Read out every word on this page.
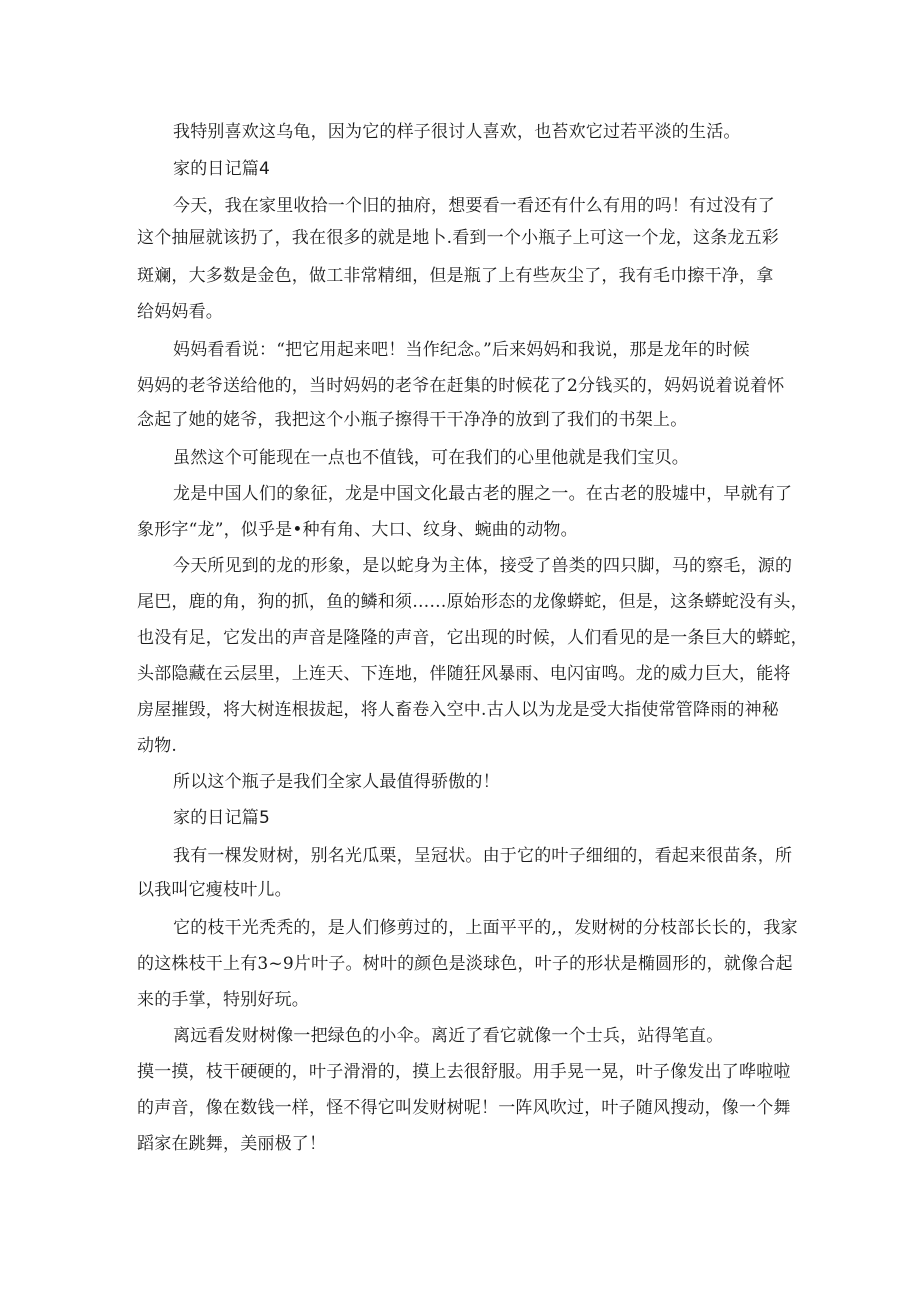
我特别喜欢这乌龟，因为它的样子很讨人喜欢，也苔欢它过若平淡的生活。
家的日记篇4
今天，我在家里收拾一个旧的抽府，想要看一看还有什么有用的吗！有过没有了
这个抽屉就该扔了，我在很多的就是地卜.看到一个小瓶子上可这一个龙，这条龙五彩
斑斓，大多数是金色，做工非常精细，但是瓶了上有些灰尘了，我有毛巾擦干净，拿
给妈妈看。
妈妈看看说：“把它用起来吧！当作纪念。”后来妈妈和我说，那是龙年的时候
妈妈的老爷送给他的，当时妈妈的老爷在赶集的时候花了2分钱买的，妈妈说着说着怀
念起了她的姥爷，我把这个小瓶子擦得干干净净的放到了我们的书架上。
虽然这个可能现在一点也不值钱，可在我们的心里他就是我们宝贝。
龙是中国人们的象征，龙是中国文化最古老的腥之一。在古老的股墟中，早就有了
象形字“龙”，似乎是•种有角、大口、纹身、蜿曲的动物。
今天所见到的龙的形象，是以蛇身为主体，接受了兽类的四只脚，马的察毛，源的
尾巴，鹿的角，狗的抓，鱼的鳞和须……原始形态的龙像蟒蛇，但是，这条蟒蛇没有头，
也没有足，它发出的声音是隆隆的声音，它出现的时候，人们看见的是一条巨大的蟒蛇，
头部隐藏在云层里，上连天、下连地，伴随狂风暴雨、电闪宙鸣。龙的威力巨大，能将
房屋摧毁，将大树连根拔起，将人畜卷入空中.古人以为龙是受大指使常管降雨的神秘
动物.
所以这个瓶子是我们全家人最值得骄傲的！
家的日记篇5
我有一棵发财树，别名光瓜栗，呈冠状。由于它的叶子细细的，看起来很苗条，所
以我叫它瘦枝叶儿。
它的枝干光秃秃的，是人们修剪过的，上面平平的,，发财树的分枝部长长的，我家
的这株枝干上有3~9片叶子。树叶的颜色是淡球色，叶子的形状是椭圆形的，就像合起
来的手掌，特别好玩。
离远看发财树像一把绿色的小伞。离近了看它就像一个士兵，站得笔直。
摸一摸，枝干硬硬的，叶子滑滑的，摸上去很舒服。用手晃一晃，叶子像发出了哗啦啦
的声音，像在数钱一样，怪不得它叫发财树呢！一阵风吹过，叶子随风搜动，像一个舞
蹈家在跳舞，美丽极了！
